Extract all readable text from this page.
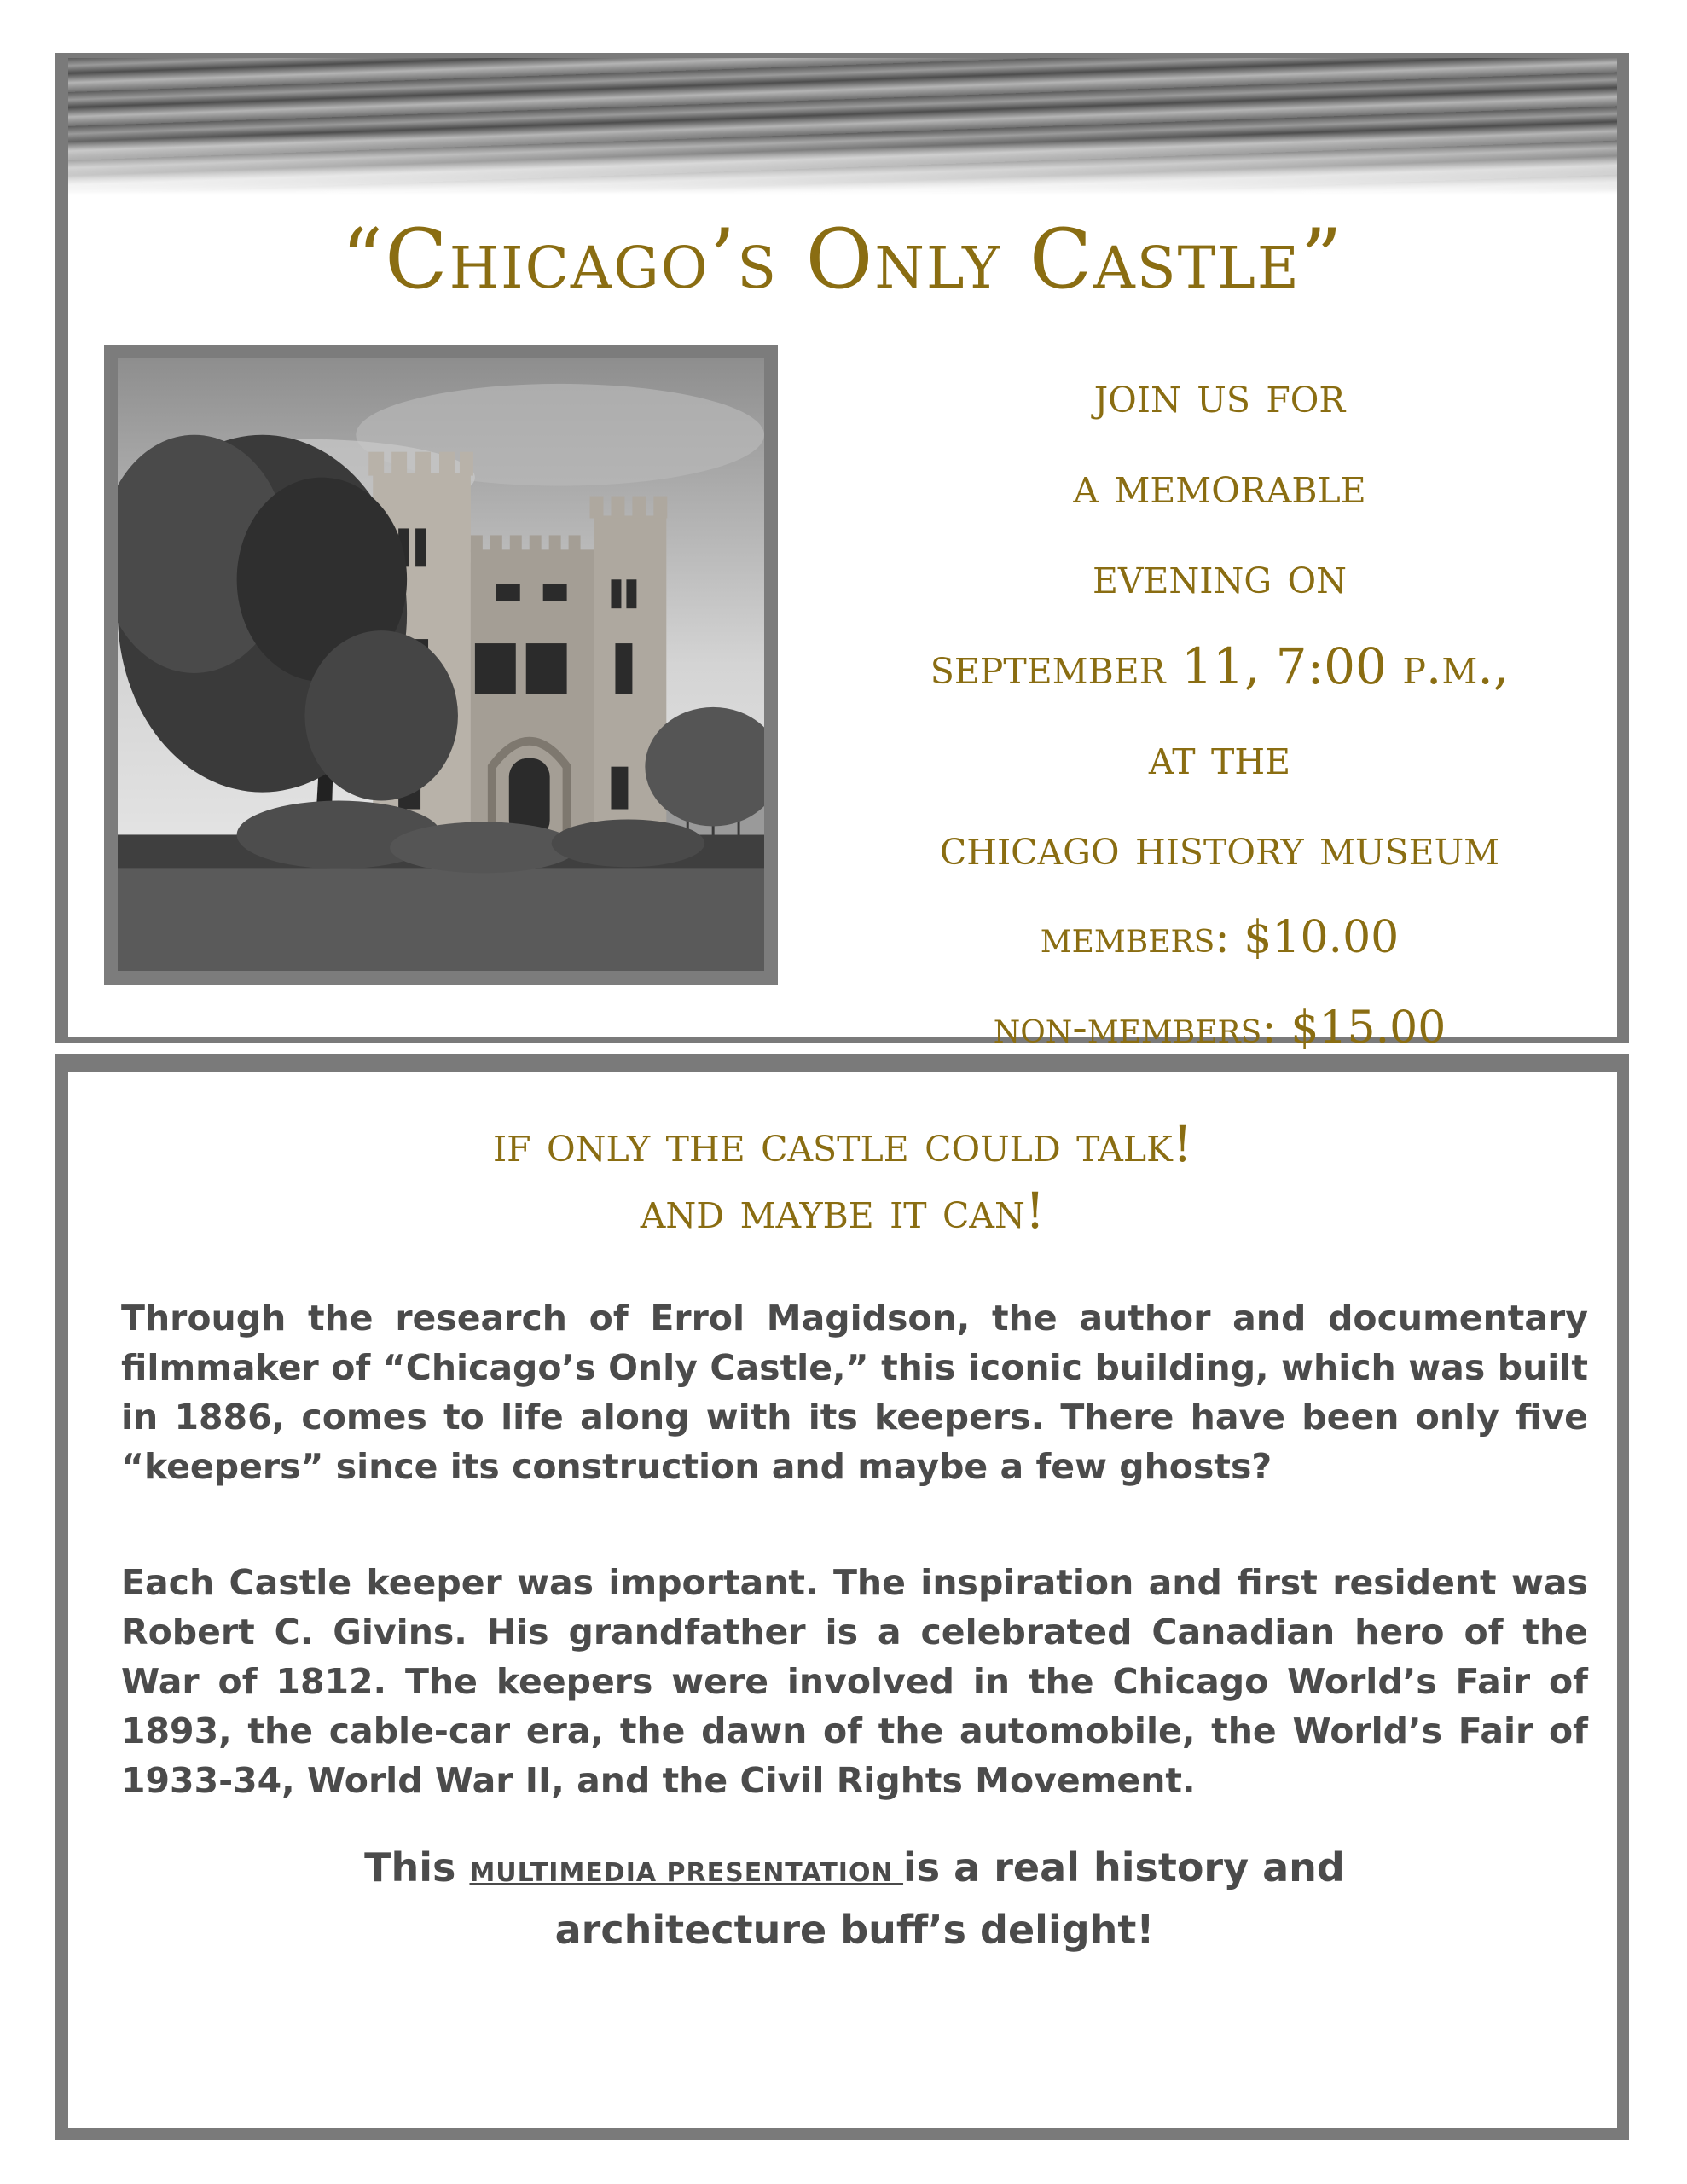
“Chicago’s Only Castle”
join us for
a memorable
evening on
september 11, 7:00 p.m.,
at the
chicago history museum
members: $10.00
non-members: $15.00
if only the castle could talk!
and maybe it can!

Through the research of Errol Magidson, the author and documentary filmmaker of “Chicago’s Only Castle,” this iconic building, which was built in 1886, comes to life along with its keepers. There have been only five “keepers” since its construction and maybe a few ghosts?

Each Castle keeper was important. The inspiration and first resident was Robert C. Givins. His grandfather is a celebrated Canadian hero of the War of 1812. The keepers were involved in the Chicago World’s Fair of 1893, the cable-car era, the dawn of the automobile, the World’s Fair of 1933-34, World War II, and the Civil Rights Movement.

This MULTIMEDIA PRESENTATION is a real history and
architecture buff’s delight!
